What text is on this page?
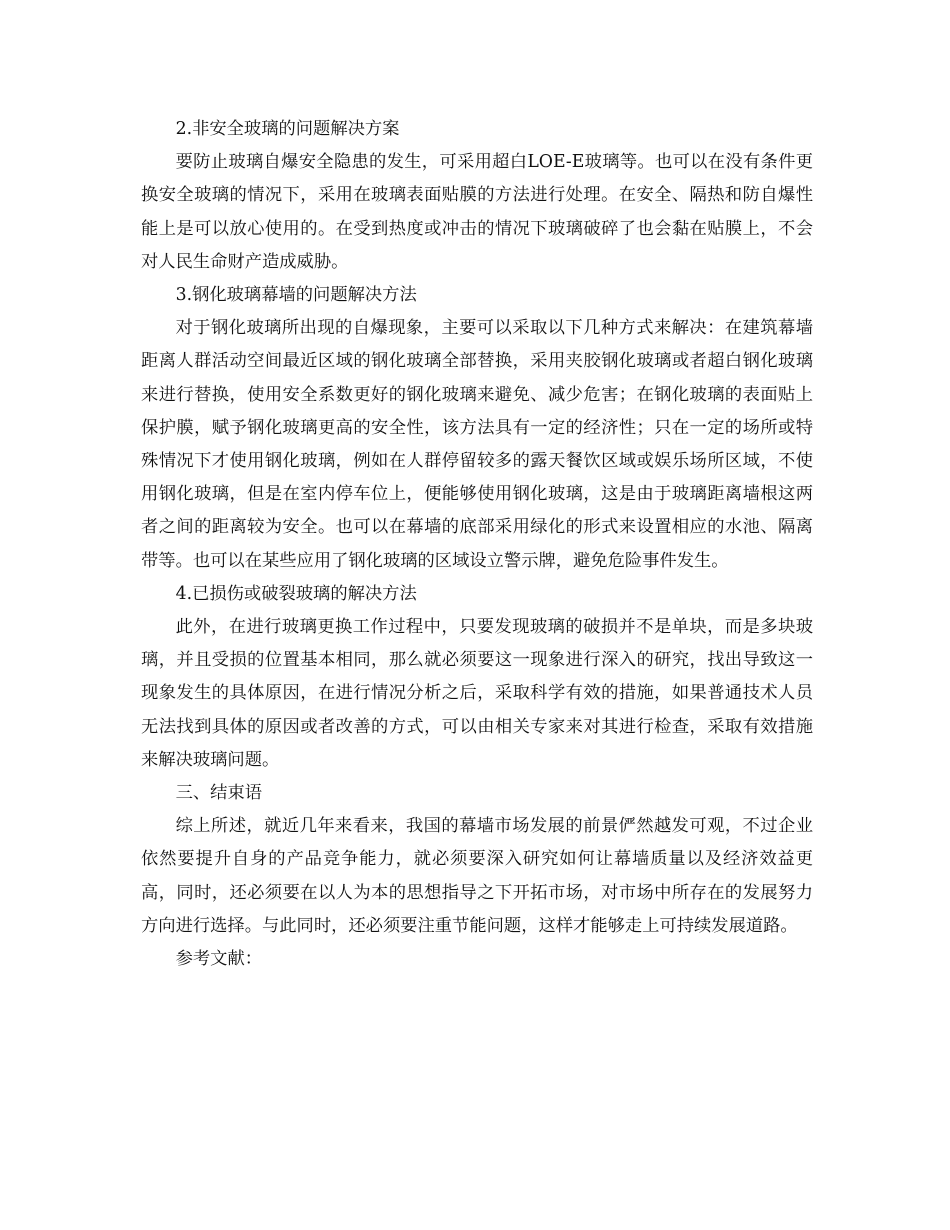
2.非安全玻璃的问题解决方案

要防止玻璃自爆安全隐患的发生，可采用超白LOE-E玻璃等。也可以在没有条件更换安全玻璃的情况下，采用在玻璃表面贴膜的方法进行处理。在安全、隔热和防自爆性能上是可以放心使用的。在受到热度或冲击的情况下玻璃破碎了也会黏在贴膜上，不会对人民生命财产造成威胁。

3.钢化玻璃幕墙的问题解决方法

对于钢化玻璃所出现的自爆现象，主要可以采取以下几种方式来解决：在建筑幕墙距离人群活动空间最近区域的钢化玻璃全部替换，采用夹胶钢化玻璃或者超白钢化玻璃来进行替换，使用安全系数更好的钢化玻璃来避免、减少危害；在钢化玻璃的表面贴上保护膜，赋予钢化玻璃更高的安全性，该方法具有一定的经济性；只在一定的场所或特殊情况下才使用钢化玻璃，例如在人群停留较多的露天餐饮区域或娱乐场所区域，不使用钢化玻璃，但是在室内停车位上，便能够使用钢化玻璃，这是由于玻璃距离墙根这两者之间的距离较为安全。也可以在幕墙的底部采用绿化的形式来设置相应的水池、隔离带等。也可以在某些应用了钢化玻璃的区域设立警示牌，避免危险事件发生。

4.已损伤或破裂玻璃的解决方法

此外，在进行玻璃更换工作过程中，只要发现玻璃的破损并不是单块，而是多块玻璃，并且受损的位置基本相同，那么就必须要这一现象进行深入的研究，找出导致这一现象发生的具体原因，在进行情况分析之后，采取科学有效的措施，如果普通技术人员无法找到具体的原因或者改善的方式，可以由相关专家来对其进行检查，采取有效措施来解决玻璃问题。

三、结束语

综上所述，就近几年来看来，我国的幕墙市场发展的前景俨然越发可观，不过企业依然要提升自身的产品竞争能力，就必须要深入研究如何让幕墙质量以及经济效益更高，同时，还必须要在以人为本的思想指导之下开拓市场，对市场中所存在的发展努力方向进行选择。与此同时，还必须要注重节能问题，这样才能够走上可持续发展道路。

参考文献：
